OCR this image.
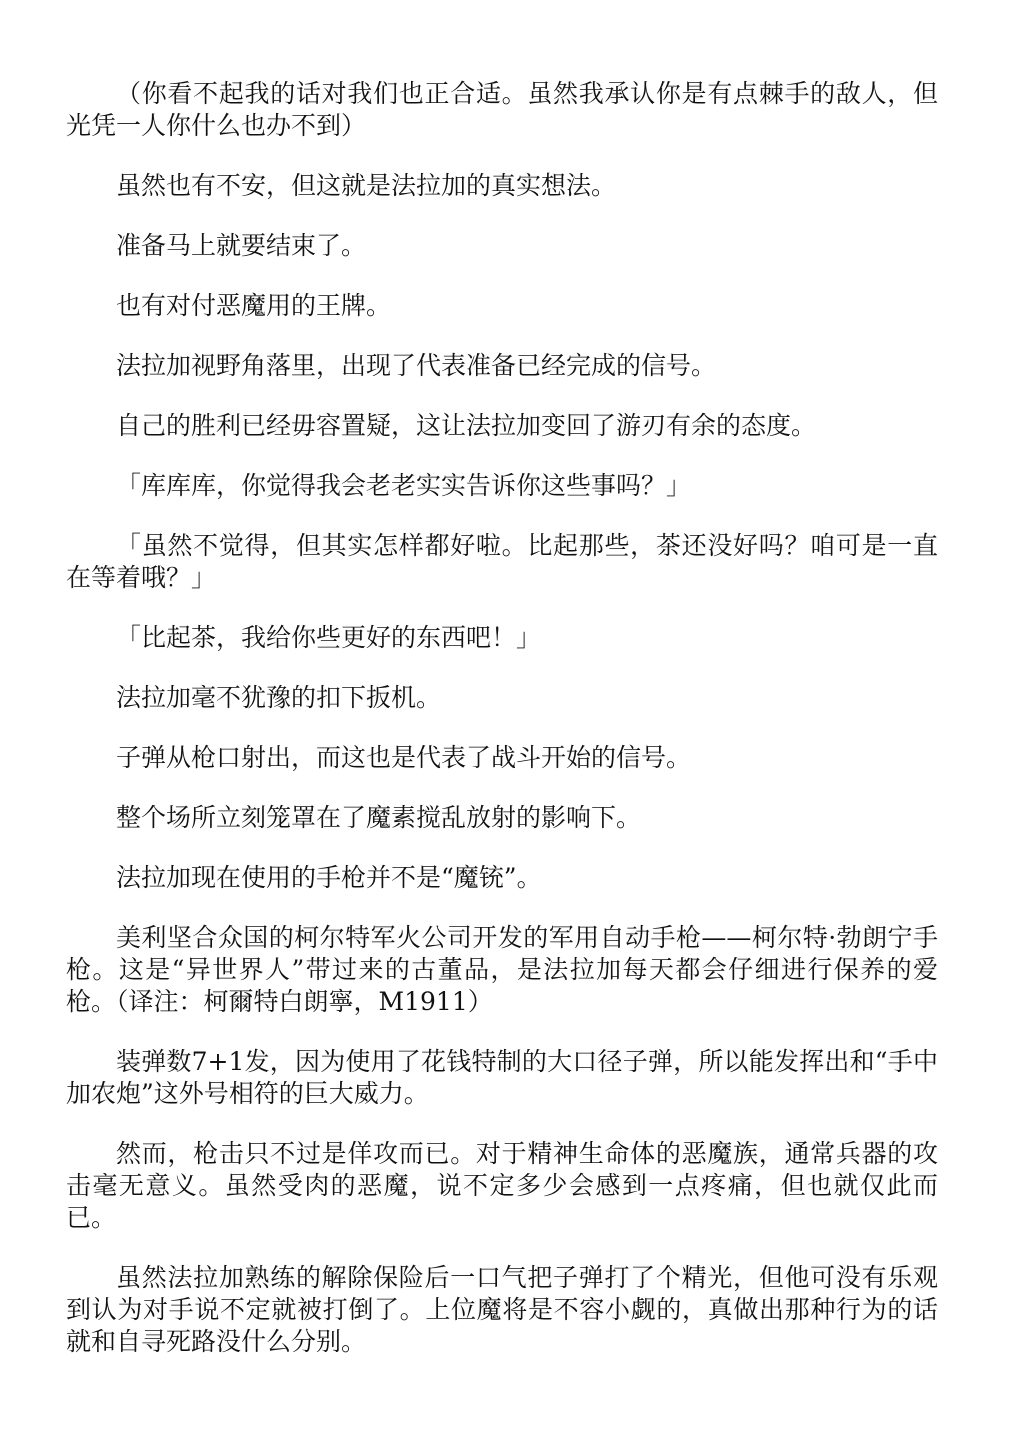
（你看不起我的话对我们也正合适。虽然我承认你是有点棘手的敌人，但光凭一人你什么也办不到）

虽然也有不安，但这就是法拉加的真实想法。

准备马上就要结束了。

也有对付恶魔用的王牌。

法拉加视野角落里，出现了代表准备已经完成的信号。

自己的胜利已经毋容置疑，这让法拉加变回了游刃有余的态度。

「库库库，你觉得我会老老实实告诉你这些事吗？」

「虽然不觉得，但其实怎样都好啦。比起那些，茶还没好吗？咱可是一直在等着哦？」

「比起茶，我给你些更好的东西吧！」

法拉加毫不犹豫的扣下扳机。

子弹从枪口射出，而这也是代表了战斗开始的信号。

整个场所立刻笼罩在了魔素搅乱放射的影响下。

法拉加现在使用的手枪并不是“魔铳”。

美利坚合众国的柯尔特军火公司开发的军用自动手枪——柯尔特·勃朗宁手枪。这是“异世界人”带过来的古董品，是法拉加每天都会仔细进行保养的爱枪。（译注：柯爾特白朗寧，M1911）

装弹数7+1发，因为使用了花钱特制的大口径子弹，所以能发挥出和“手中加农炮”这外号相符的巨大威力。

然而，枪击只不过是佯攻而已。对于精神生命体的恶魔族，通常兵器的攻击毫无意义。虽然受肉的恶魔，说不定多少会感到一点疼痛，但也就仅此而已。

虽然法拉加熟练的解除保险后一口气把子弹打了个精光，但他可没有乐观到认为对手说不定就被打倒了。上位魔将是不容小觑的，真做出那种行为的话就和自寻死路没什么分别。
